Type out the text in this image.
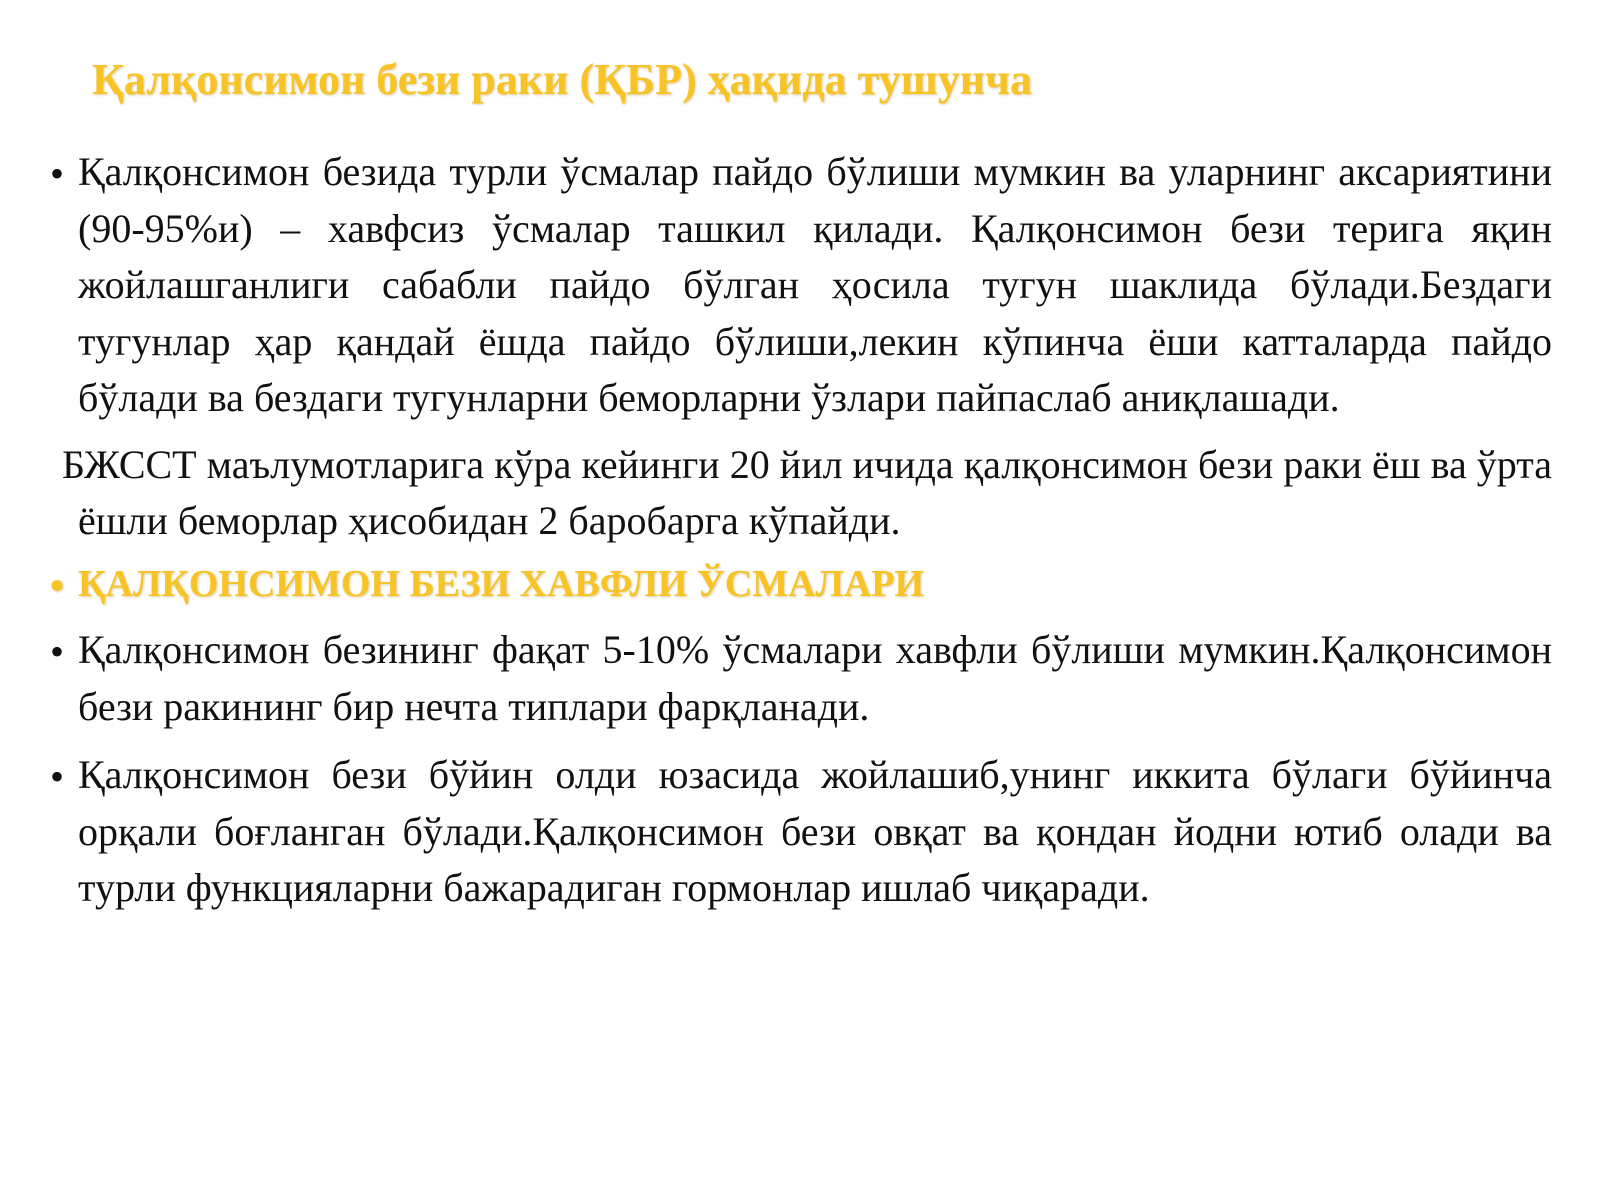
Қалқонсимон бези раки (ҚБР) ҳақида тушунча
• Қалқонсимон безида турли ўсмалар пайдо бўлиши мумкин ва уларнинг аксариятини (90-95%и) – хавфсиз ўсмалар ташкил қилади. Қалқонсимон бези терига яқин жойлашганлиги сабабли пайдо бўлган ҳосила тугун шаклида бўлади.Бездаги тугунлар ҳар қандай ёшда пайдо бўлиши,лекин кўпинча ёши катталарда пайдо бўлади ва бездаги тугунларни беморларни ўзлари пайпаслаб аниқлашади.
БЖССТ маълумотларига кўра кейинги 20 йил ичида қалқонсимон бези раки ёш ва ўрта ёшли беморлар ҳисобидан 2 баробарга кўпайди.
• ҚАЛҚОНСИМОН БЕЗИ ХАВФЛИ ЎСМАЛАРИ
• Қалқонсимон безининг фақат 5-10% ўсмалари хавфли бўлиши мумкин.Қалқонсимон бези ракининг бир нечта типлари фарқланади.
• Қалқонсимон бези бўйин олди юзасида жойлашиб,унинг иккита бўлаги бўйинча орқали боғланган бўлади.Қалқонсимон бези овқат ва қондан йодни ютиб олади ва турли функцияларни бажарадиган гормонлар ишлаб чиқаради.
